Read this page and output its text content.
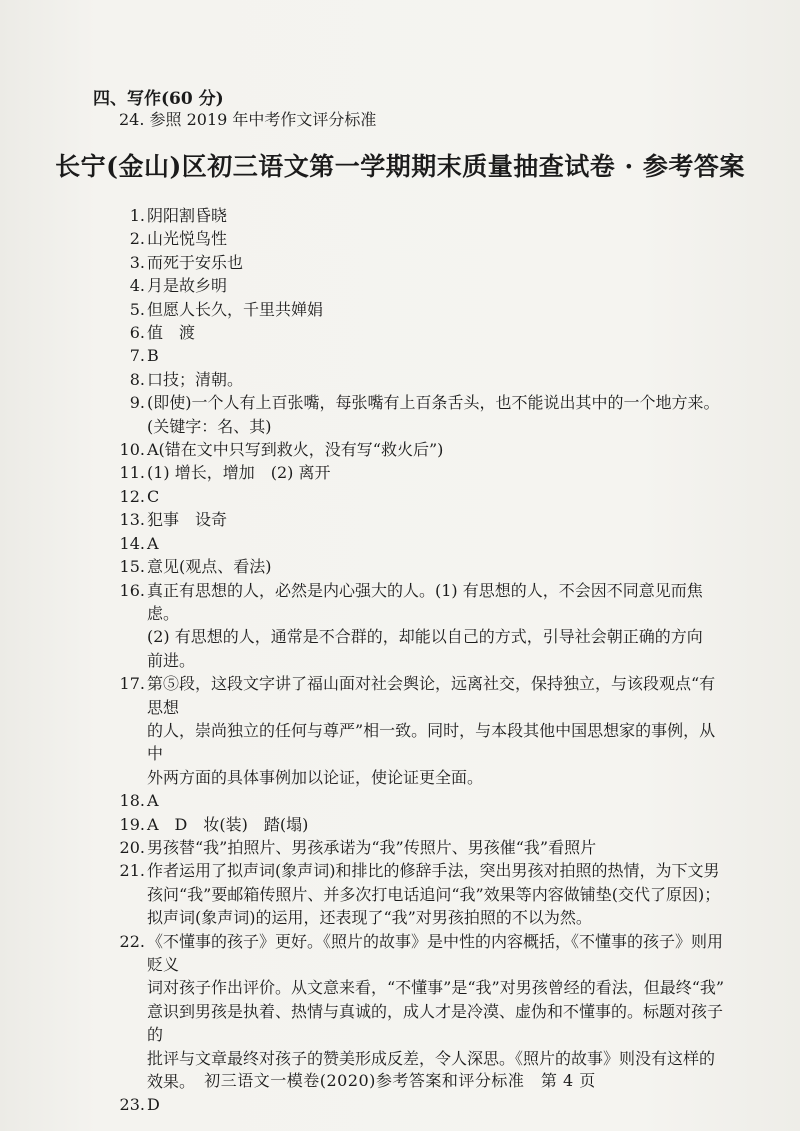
四、写作(60 分)
24. 参照 2019 年中考作文评分标准
长宁(金山)区初三语文第一学期期末质量抽查试卷 · 参考答案
1. 阴阳割昏晓
2. 山光悦鸟性
3. 而死于安乐也
4. 月是故乡明
5. 但愿人长久，千里共婵娟
6. 值　渡
7. B
8. 口技；清朝。
9. (即使)一个人有上百张嘴，每张嘴有上百条舌头，也不能说出其中的一个地方来。
(关键字：名、其)
10. A(错在文中只写到救火，没有写“救火后”)
11. (1) 增长，增加　(2) 离开
12. C
13. 犯事　设奇
14. A
15. 意见(观点、看法)
16. 真正有思想的人，必然是内心强大的人。(1) 有思想的人，不会因不同意见而焦虑。
(2) 有思想的人，通常是不合群的，却能以自己的方式，引导社会朝正确的方向
前进。
17. 第⑤段，这段文字讲了福山面对社会舆论，远离社交，保持独立，与该段观点“有思想
的人，崇尚独立的任何与尊严”相一致。同时，与本段其他中国思想家的事例，从中
外两方面的具体事例加以论证，使论证更全面。
18. A
19. A　D　妆(装)　踏(塌)
20. 男孩替“我”拍照片、男孩承诺为“我”传照片、男孩催“我”看照片
21. 作者运用了拟声词(象声词)和排比的修辞手法，突出男孩对拍照的热情，为下文男
孩问“我”要邮箱传照片、并多次打电话追问“我”效果等内容做铺垫(交代了原因)；
拟声词(象声词)的运用，还表现了“我”对男孩拍照的不以为然。
22. 《不懂事的孩子》更好。《照片的故事》是中性的内容概括，《不懂事的孩子》则用贬义
词对孩子作出评价。从文意来看，“不懂事”是“我”对男孩曾经的看法，但最终“我”
意识到男孩是执着、热情与真诚的，成人才是冷漠、虚伪和不懂事的。标题对孩子的
批评与文章最终对孩子的赞美形成反差，令人深思。《照片的故事》则没有这样的
效果。
23. D
初三语文一模卷(2020)参考答案和评分标准　第 4 页
